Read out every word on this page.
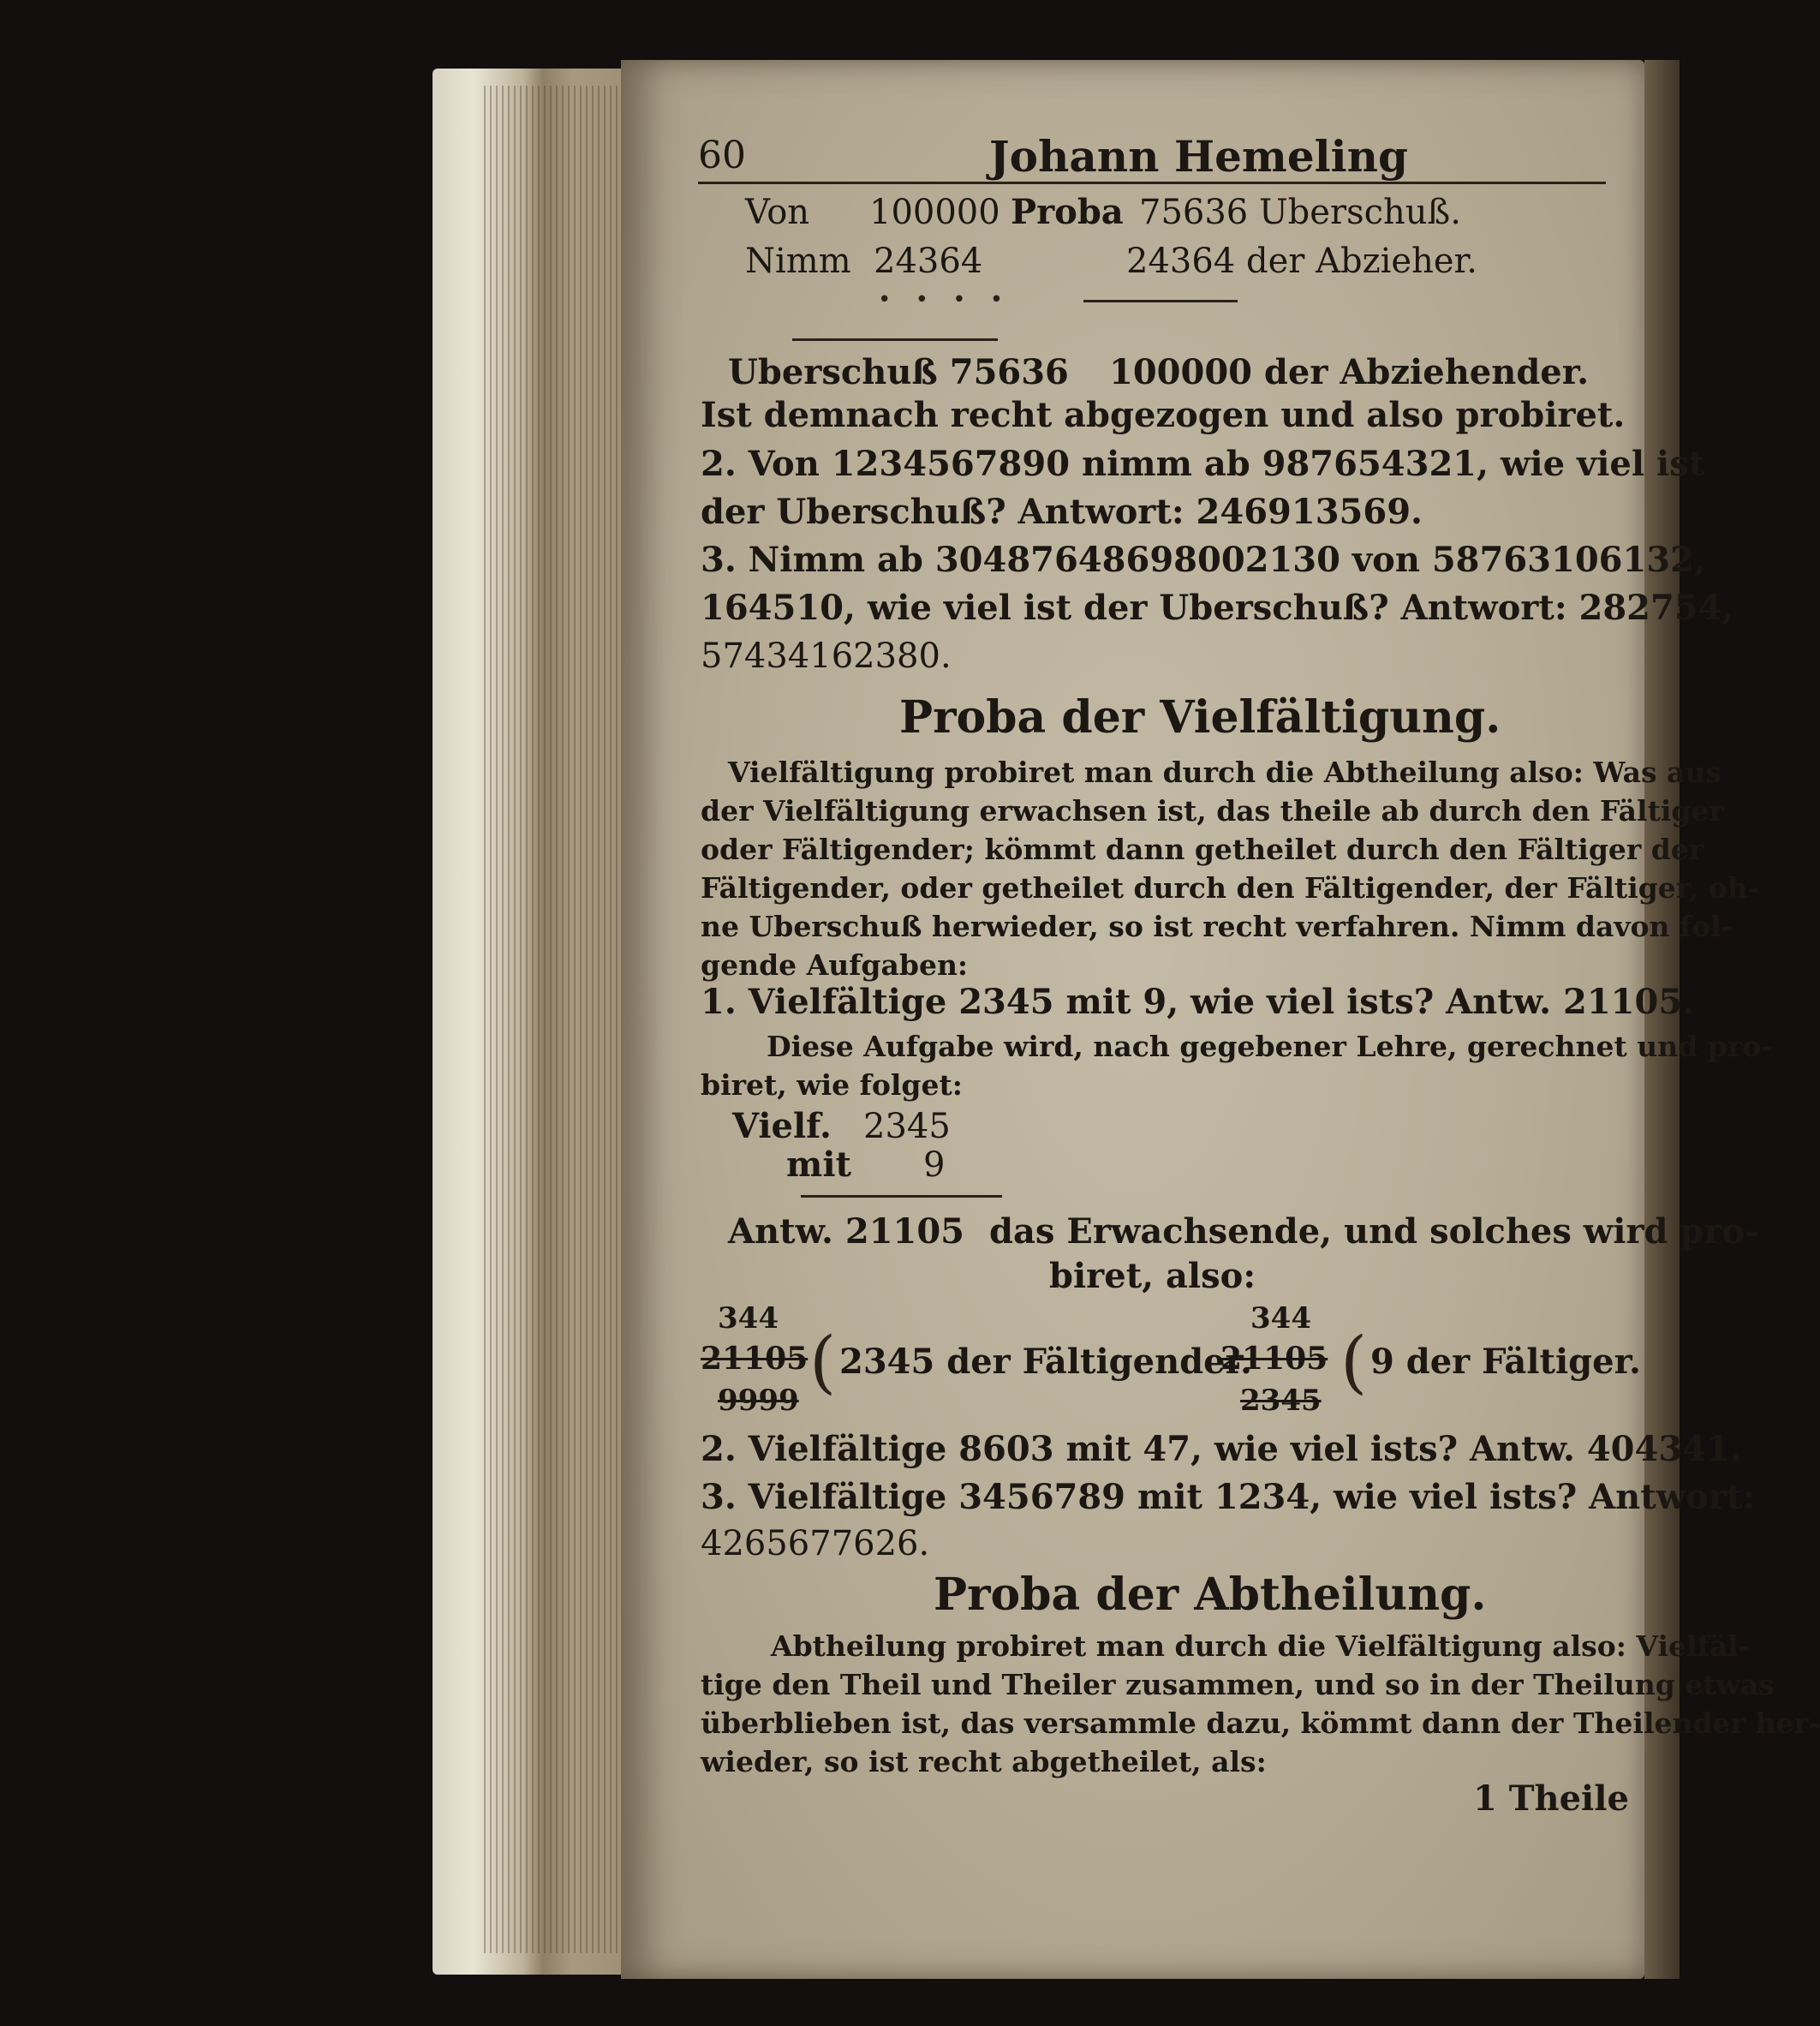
60	Johann Hemeling
Von 100000 Proba 75636 Uberschuß.
Nimm 24364	24364 der Abzieher.
• • • •
Uberschuß 75636 100000 der Abziehender.
Ist demnach recht abgezogen und also probiret.
2. Von 1234567890 nimm ab 987654321, wie viel ist
der Uberschuß? Antwort: 246913569.
3. Nimm ab 30487648698002130 von 58763106132,
164510, wie viel ist der Uberschuß? Antwort: 282754,
57434162380.
Proba der Vielfältigung.
Vielfältigung probiret man durch die Abtheilung also: Was aus
der Vielfältigung erwachsen ist, das theile ab durch den Fältiger
oder Fältigender; kömmt dann getheilet durch den Fältiger der
Fältigender, oder getheilet durch den Fältigender, der Fältiger, oh-
ne Uberschuß herwieder, so ist recht verfahren. Nimm davon fol-
gende Aufgaben:
1. Vielfältige 2345 mit 9, wie viel ists? Antw. 21105.
Diese Aufgabe wird, nach gegebener Lehre, gerechnet und pro-
biret, wie folget:
Vielf. 2345
mit 9
Antw. 21105 das Erwachsende, und solches wird pro-
biret, also:
344
21105
9999 ( 2345 der Fältigender.
344
21105
2345 ( 9 der Fältiger.
2. Vielfältige 8603 mit 47, wie viel ists? Antw. 404341.
3. Vielfältige 3456789 mit 1234, wie viel ists? Antwort:
4265677626.
Proba der Abtheilung.
Abtheilung probiret man durch die Vielfältigung also: Vielfäl-
tige den Theil und Theiler zusammen, und so in der Theilung etwas
überblieben ist, das versammle dazu, kömmt dann der Theilender her-
wieder, so ist recht abgetheilet, als:
1 Theile
